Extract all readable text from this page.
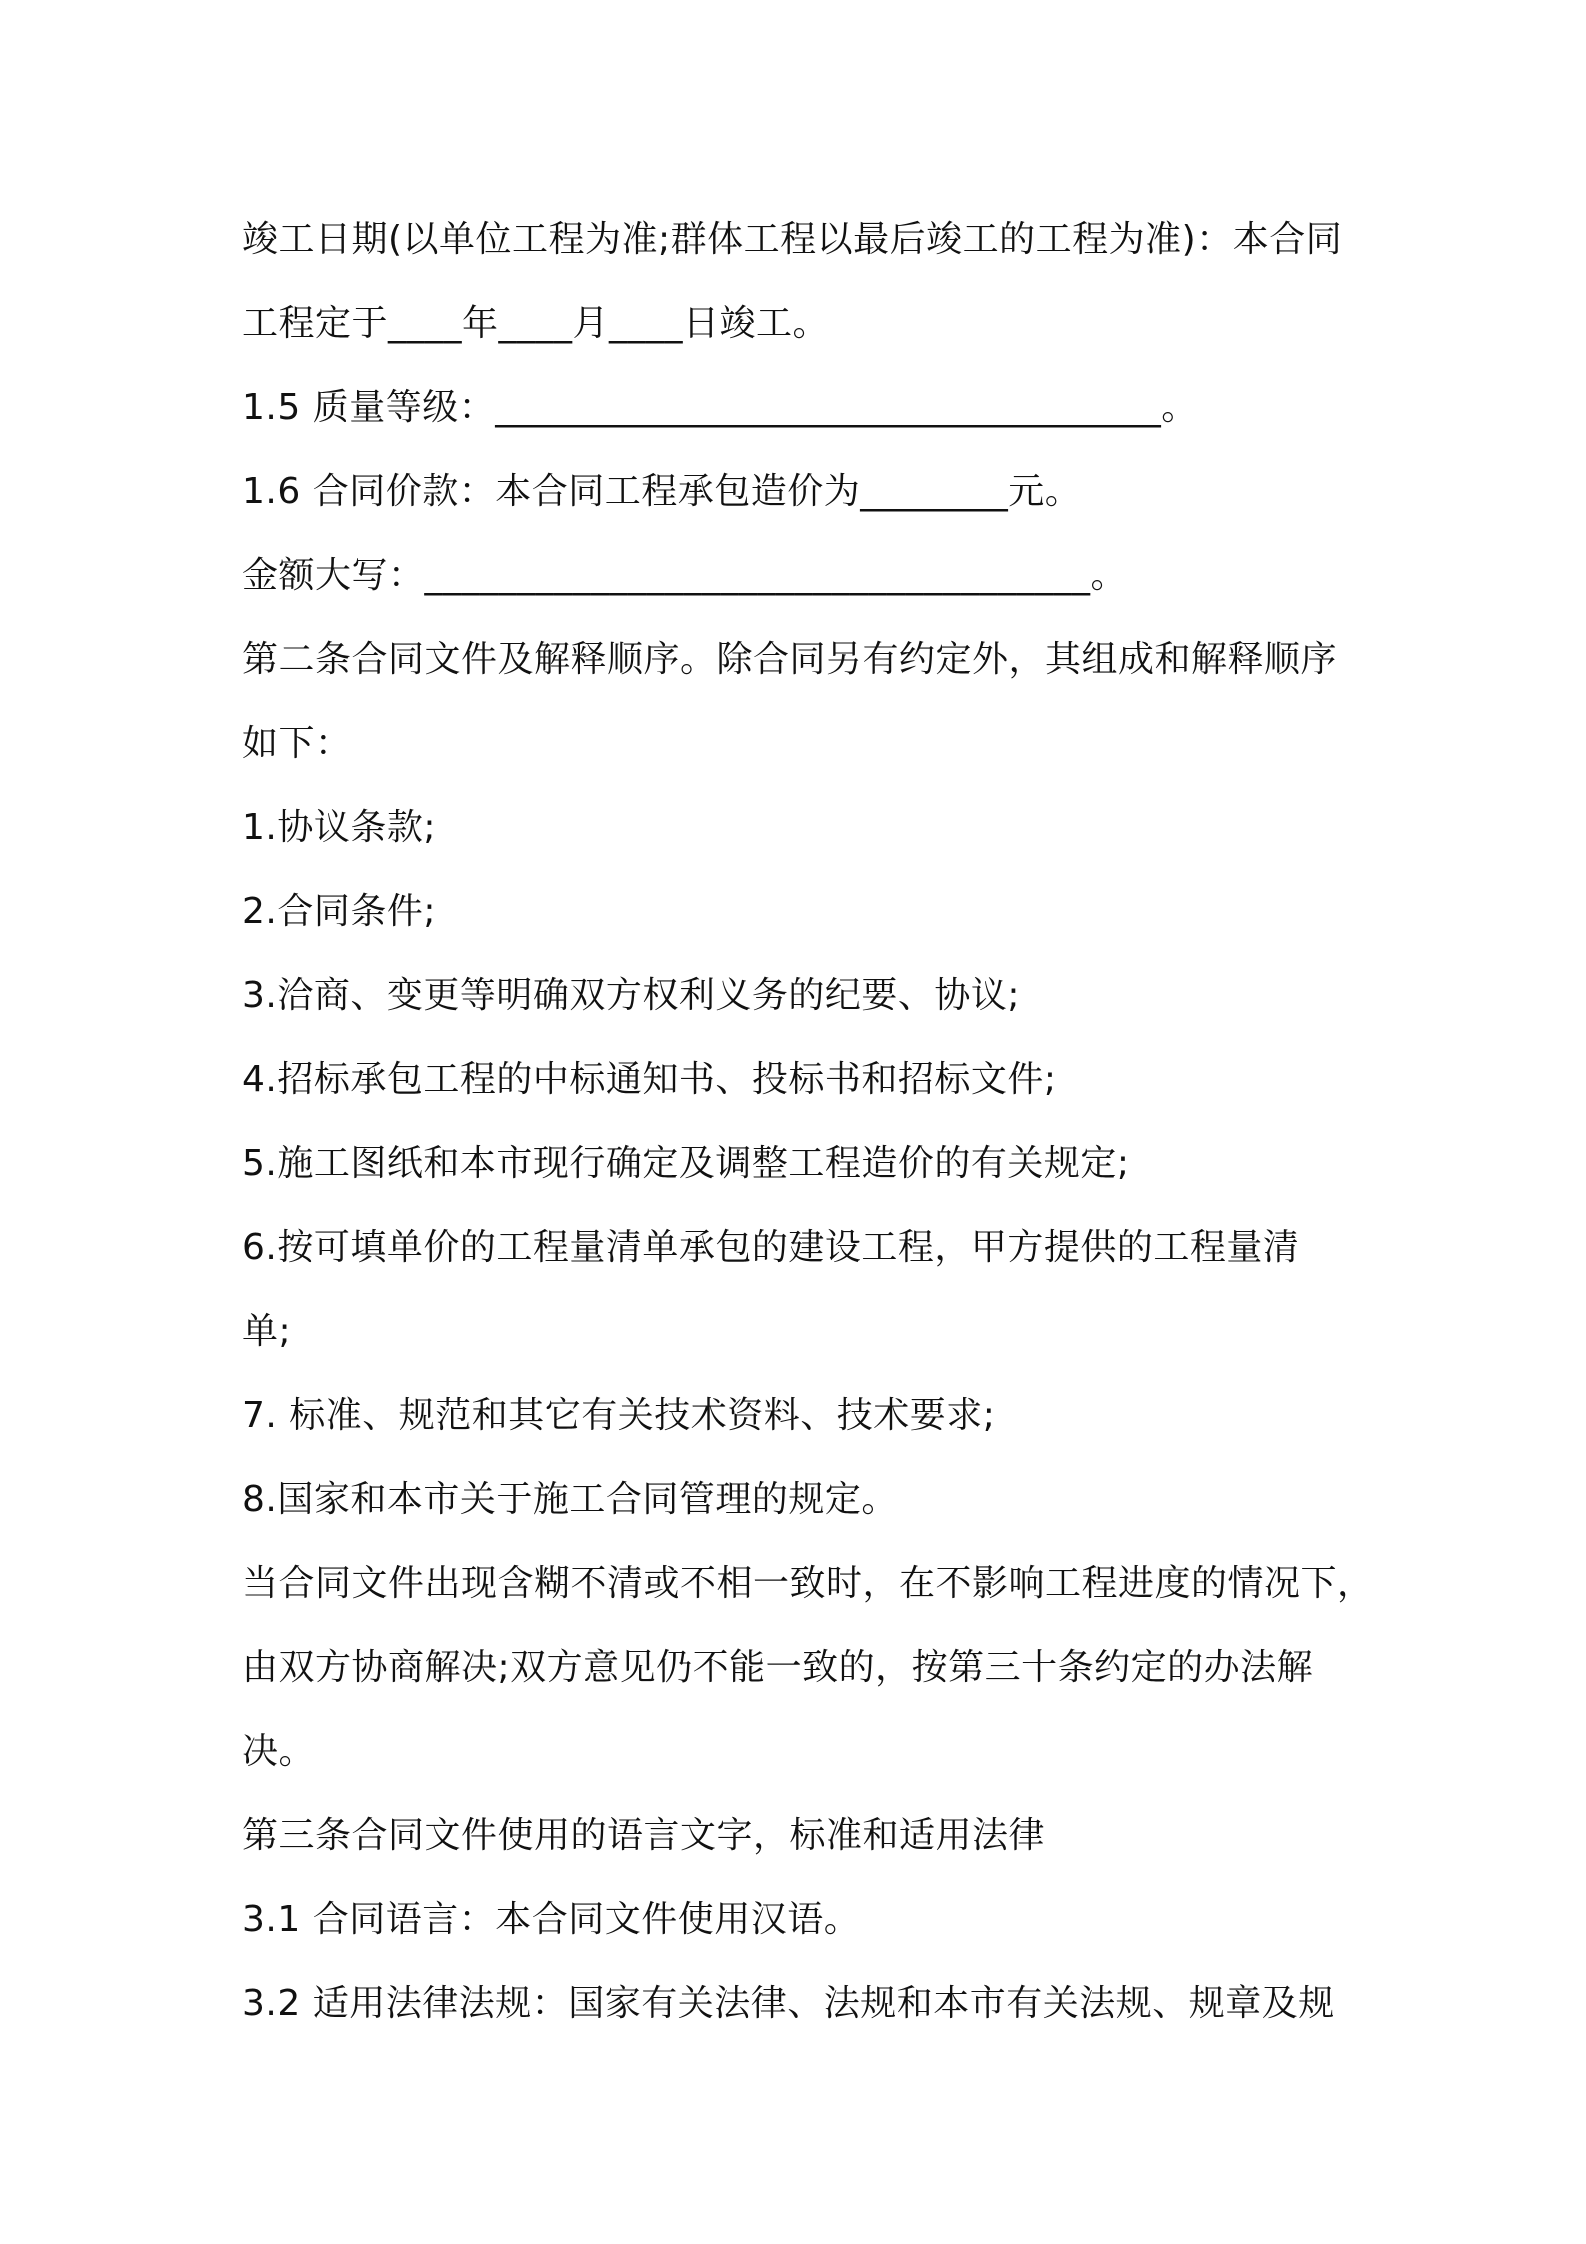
竣工日期(以单位工程为准;群体工程以最后竣工的工程为准)：本合同

工程定于____年____月____日竣工。

1.5 质量等级：____________________________________。

1.6 合同价款：本合同工程承包造价为________元。

金额大写：____________________________________。

第二条合同文件及解释顺序。除合同另有约定外，其组成和解释顺序

如下：

1.协议条款;

2.合同条件;

3.洽商、变更等明确双方权利义务的纪要、协议;

4.招标承包工程的中标通知书、投标书和招标文件;

5.施工图纸和本市现行确定及调整工程造价的有关规定;

6.按可填单价的工程量清单承包的建设工程，甲方提供的工程量清

单;

7. 标准、规范和其它有关技术资料、技术要求;

8.国家和本市关于施工合同管理的规定。

当合同文件出现含糊不清或不相一致时，在不影响工程进度的情况下，

由双方协商解决;双方意见仍不能一致的，按第三十条约定的办法解

决。

第三条合同文件使用的语言文字，标准和适用法律

3.1 合同语言：本合同文件使用汉语。

3.2 适用法律法规：国家有关法律、法规和本市有关法规、规章及规
